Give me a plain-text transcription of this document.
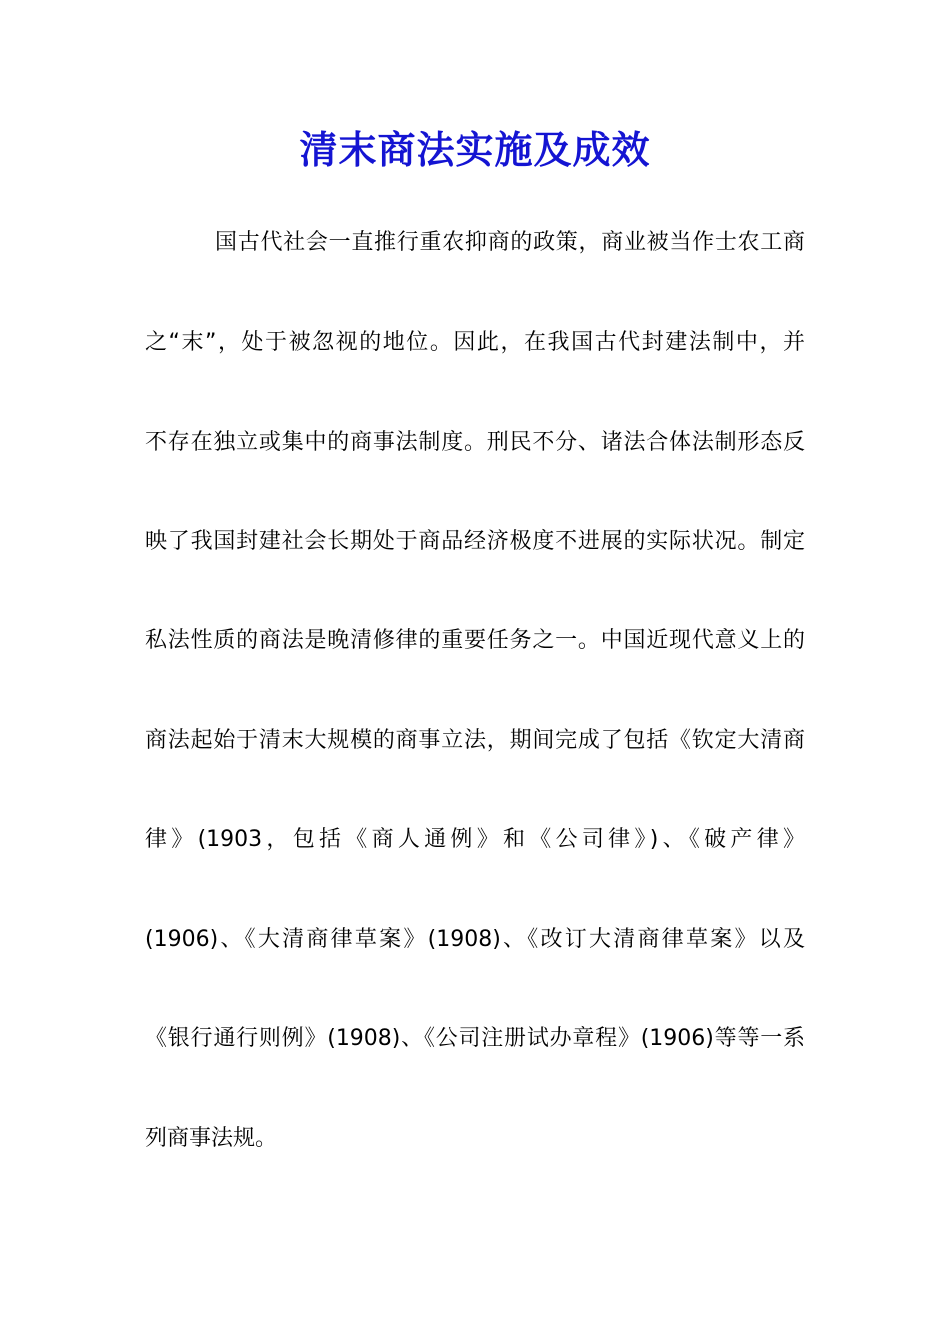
清末商法实施及成效
国古代社会一直推行重农抑商的政策，商业被当作士农工商
之“末”，处于被忽视的地位。因此，在我国古代封建法制中，并
不存在独立或集中的商事法制度。刑民不分、诸法合体法制形态反
映了我国封建社会长期处于商品经济极度不进展的实际状况。制定
私法性质的商法是晚清修律的重要任务之一。中国近现代意义上的
商法起始于清末大规模的商事立法，期间完成了包括《钦定大清商
律》(1903，包括《商人通例》和《公司律》)、《破产律》
(1906)、《大清商律草案》(1908)、《改订大清商律草案》以及
《银行通行则例》(1908)、《公司注册试办章程》(1906)等等一系
列商事法规。
